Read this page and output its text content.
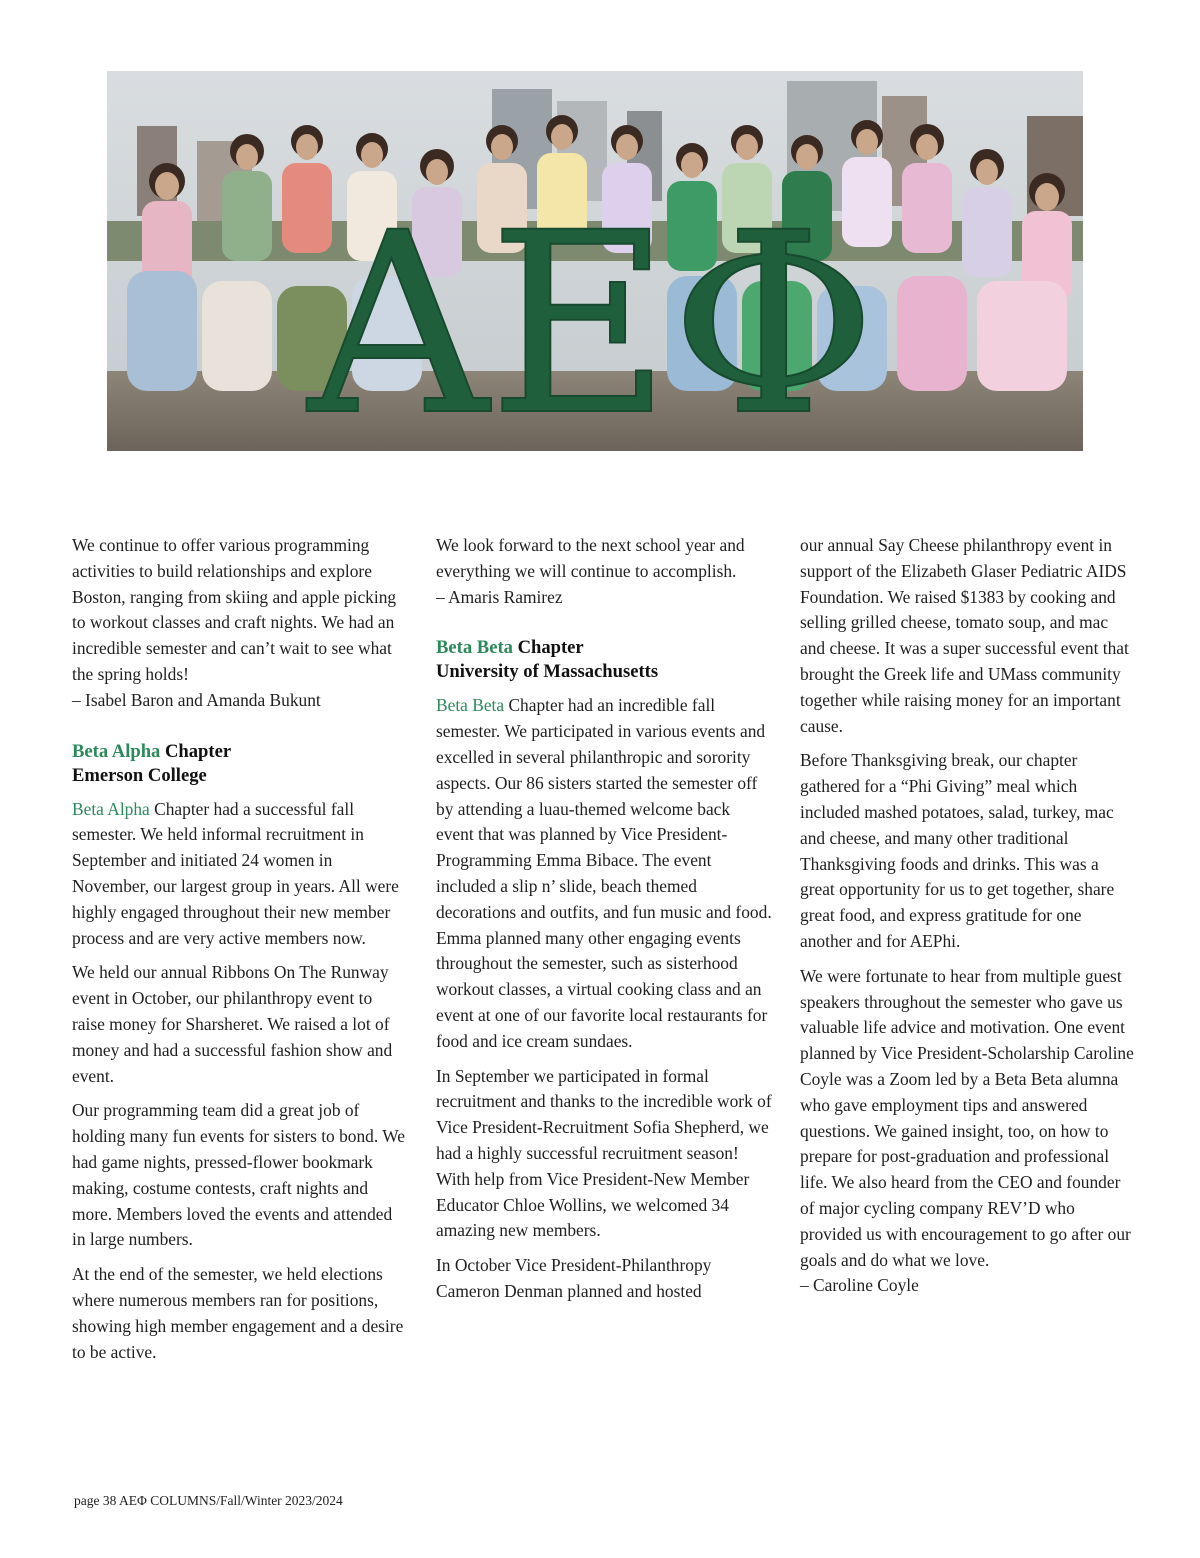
ΑΕΦ

We continue to offer various programming activities to build relationships and explore Boston, ranging from skiing and apple picking to workout classes and craft nights. We had an incredible semester and can’t wait to see what the spring holds!

– Isabel Baron and Amanda Bukunt

Beta Alpha Chapter
Emerson College

Beta Alpha Chapter had a successful fall semester. We held informal recruitment in September and initiated 24 women in November, our largest group in years. All were highly engaged throughout their new member process and are very active members now.

We held our annual Ribbons On The Runway event in October, our philanthropy event to raise money for Sharsheret. We raised a lot of money and had a successful fashion show and event.

Our programming team did a great job of holding many fun events for sisters to bond. We had game nights, pressed-flower bookmark making, costume contests, craft nights and more. Members loved the events and attended in large numbers.

At the end of the semester, we held elections where numerous members ran for positions, showing high member engagement and a desire to be active.

We look forward to the next school year and everything we will continue to accomplish.

– Amaris Ramirez

Beta Beta Chapter
University of Massachusetts

Beta Beta Chapter had an incredible fall semester. We participated in various events and excelled in several philanthropic and sorority aspects. Our 86 sisters started the semester off by attending a luau-themed welcome back event that was planned by Vice President-Programming Emma Bibace. The event included a slip n’ slide, beach themed decorations and outfits, and fun music and food. Emma planned many other engaging events throughout the semester, such as sisterhood workout classes, a virtual cooking class and an event at one of our favorite local restaurants for food and ice cream sundaes.

In September we participated in formal recruitment and thanks to the incredible work of Vice President-Recruitment Sofia Shepherd, we had a highly successful recruitment season! With help from Vice President-New Member Educator Chloe Wollins, we welcomed 34 amazing new members.

In October Vice President-Philanthropy Cameron Denman planned and hosted

our annual Say Cheese philanthropy event in support of the Elizabeth Glaser Pediatric AIDS Foundation. We raised $1383 by cooking and selling grilled cheese, tomato soup, and mac and cheese. It was a super successful event that brought the Greek life and UMass community together while raising money for an important cause.

Before Thanksgiving break, our chapter gathered for a “Phi Giving” meal which included mashed potatoes, salad, turkey, mac and cheese, and many other traditional Thanksgiving foods and drinks. This was a great opportunity for us to get together, share great food, and express gratitude for one another and for AEPhi.

We were fortunate to hear from multiple guest speakers throughout the semester who gave us valuable life advice and motivation. One event planned by Vice President-Scholarship Caroline Coyle was a Zoom led by a Beta Beta alumna who gave employment tips and answered questions. We gained insight, too, on how to prepare for post-graduation and professional life. We also heard from the CEO and founder of major cycling company REV’D who provided us with encouragement to go after our goals and do what we love.

– Caroline Coyle

page 38 AEΦ COLUMNS/Fall/Winter 2023/2024
